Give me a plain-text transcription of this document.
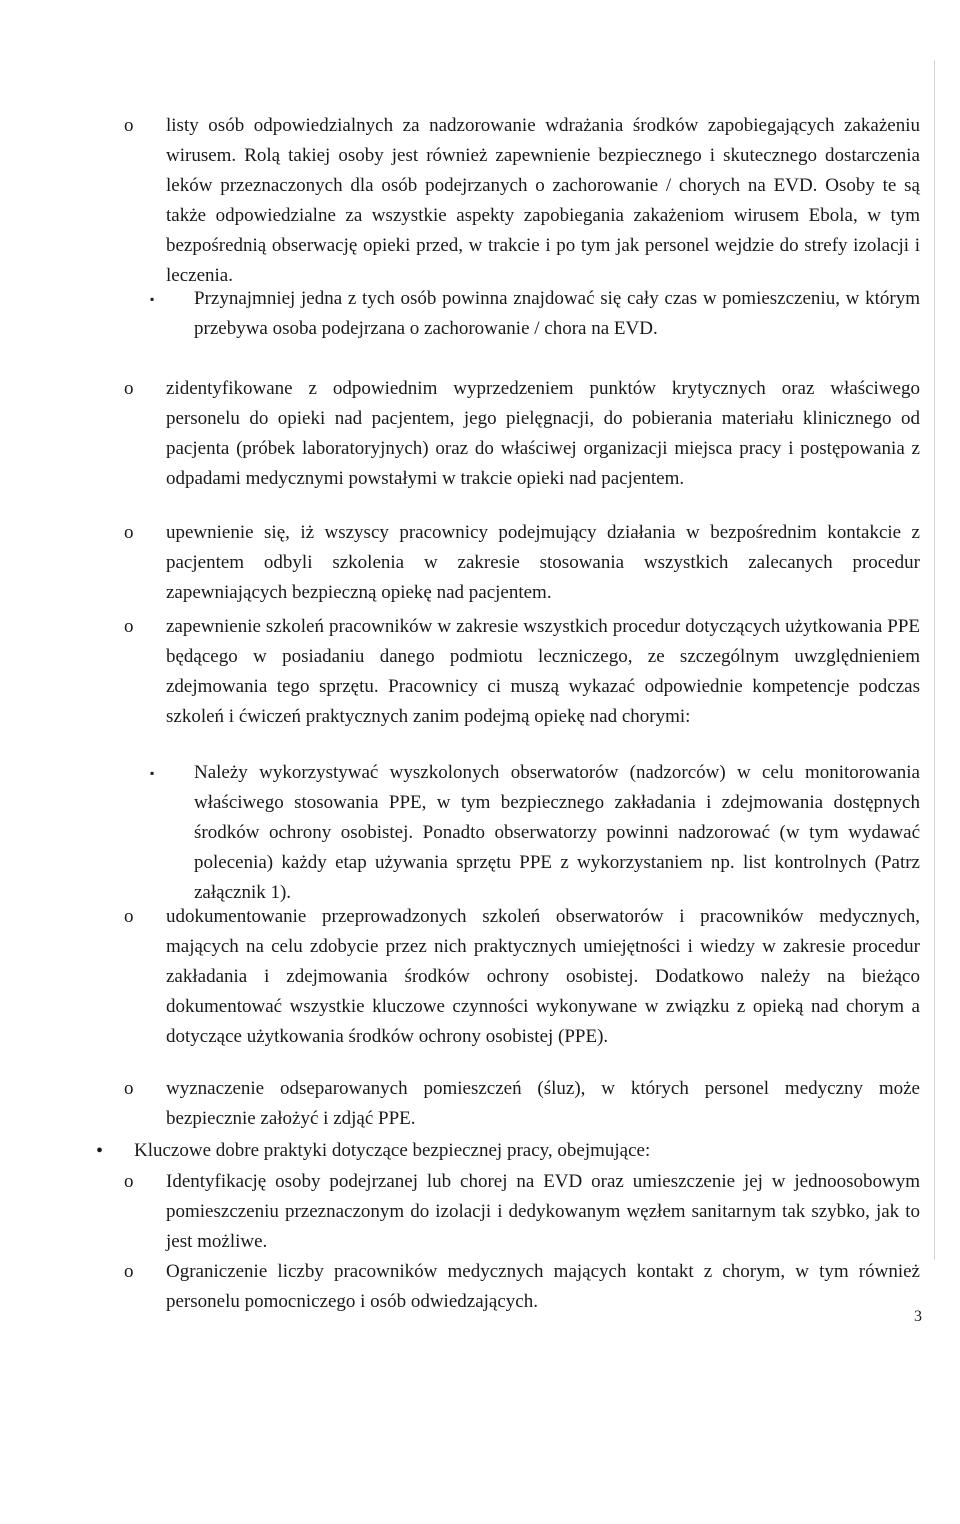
o listy osób odpowiedzialnych za nadzorowanie wdrażania środków zapobiegających zakażeniu wirusem. Rolą takiej osoby jest również zapewnienie bezpiecznego i skutecznego dostarczenia leków przeznaczonych dla osób podejrzanych o zachorowanie / chorych na EVD. Osoby te są także odpowiedzialne za wszystkie aspekty zapobiegania zakażeniom wirusem Ebola, w tym bezpośrednią obserwację opieki przed, w trakcie i po tym jak personel wejdzie do strefy izolacji i leczenia.
▪ Przynajmniej jedna z tych osób powinna znajdować się cały czas w pomieszczeniu, w którym przebywa osoba podejrzana o zachorowanie / chora na EVD.
o zidentyfikowane z odpowiednim wyprzedzeniem punktów krytycznych oraz właściwego personelu do opieki nad pacjentem, jego pielęgnacji, do pobierania materiału klinicznego od pacjenta (próbek laboratoryjnych) oraz do właściwej organizacji miejsca pracy i postępowania z odpadami medycznymi powstałymi w trakcie opieki nad pacjentem.
o upewnienie się, iż wszyscy pracownicy podejmujący działania w bezpośrednim kontakcie z pacjentem odbyli szkolenia w zakresie stosowania wszystkich zalecanych procedur zapewniających bezpieczną opiekę nad pacjentem.
o zapewnienie szkoleń pracowników w zakresie wszystkich procedur dotyczących użytkowania PPE będącego w posiadaniu danego podmiotu leczniczego, ze szczególnym uwzględnieniem zdejmowania tego sprzętu. Pracownicy ci muszą wykazać odpowiednie kompetencje podczas szkoleń i ćwiczeń praktycznych zanim podejmą opiekę nad chorymi:
▪ Należy wykorzystywać wyszkolonych obserwatorów (nadzorców) w celu monitorowania właściwego stosowania PPE, w tym bezpiecznego zakładania i zdejmowania dostępnych środków ochrony osobistej. Ponadto obserwatorzy powinni nadzorować (w tym wydawać polecenia) każdy etap używania sprzętu PPE z wykorzystaniem np. list kontrolnych (Patrz załącznik 1).
o udokumentowanie przeprowadzonych szkoleń obserwatorów i pracowników medycznych, mających na celu zdobycie przez nich praktycznych umiejętności i wiedzy w zakresie procedur zakładania i zdejmowania środków ochrony osobistej. Dodatkowo należy na bieżąco dokumentować wszystkie kluczowe czynności wykonywane w związku z opieką nad chorym a dotyczące użytkowania środków ochrony osobistej (PPE).
o wyznaczenie odseparowanych pomieszczeń (śluz), w których personel medyczny może bezpiecznie założyć i zdjąć PPE.
• Kluczowe dobre praktyki dotyczące bezpiecznej pracy, obejmujące:
o Identyfikację osoby podejrzanej lub chorej na EVD oraz umieszczenie jej w jednoosobowym pomieszczeniu przeznaczonym do izolacji i dedykowanym węzłem sanitarnym tak szybko, jak to jest możliwe.
o Ograniczenie liczby pracowników medycznych mających kontakt z chorym, w tym również personelu pomocniczego i osób odwiedzających.
3
